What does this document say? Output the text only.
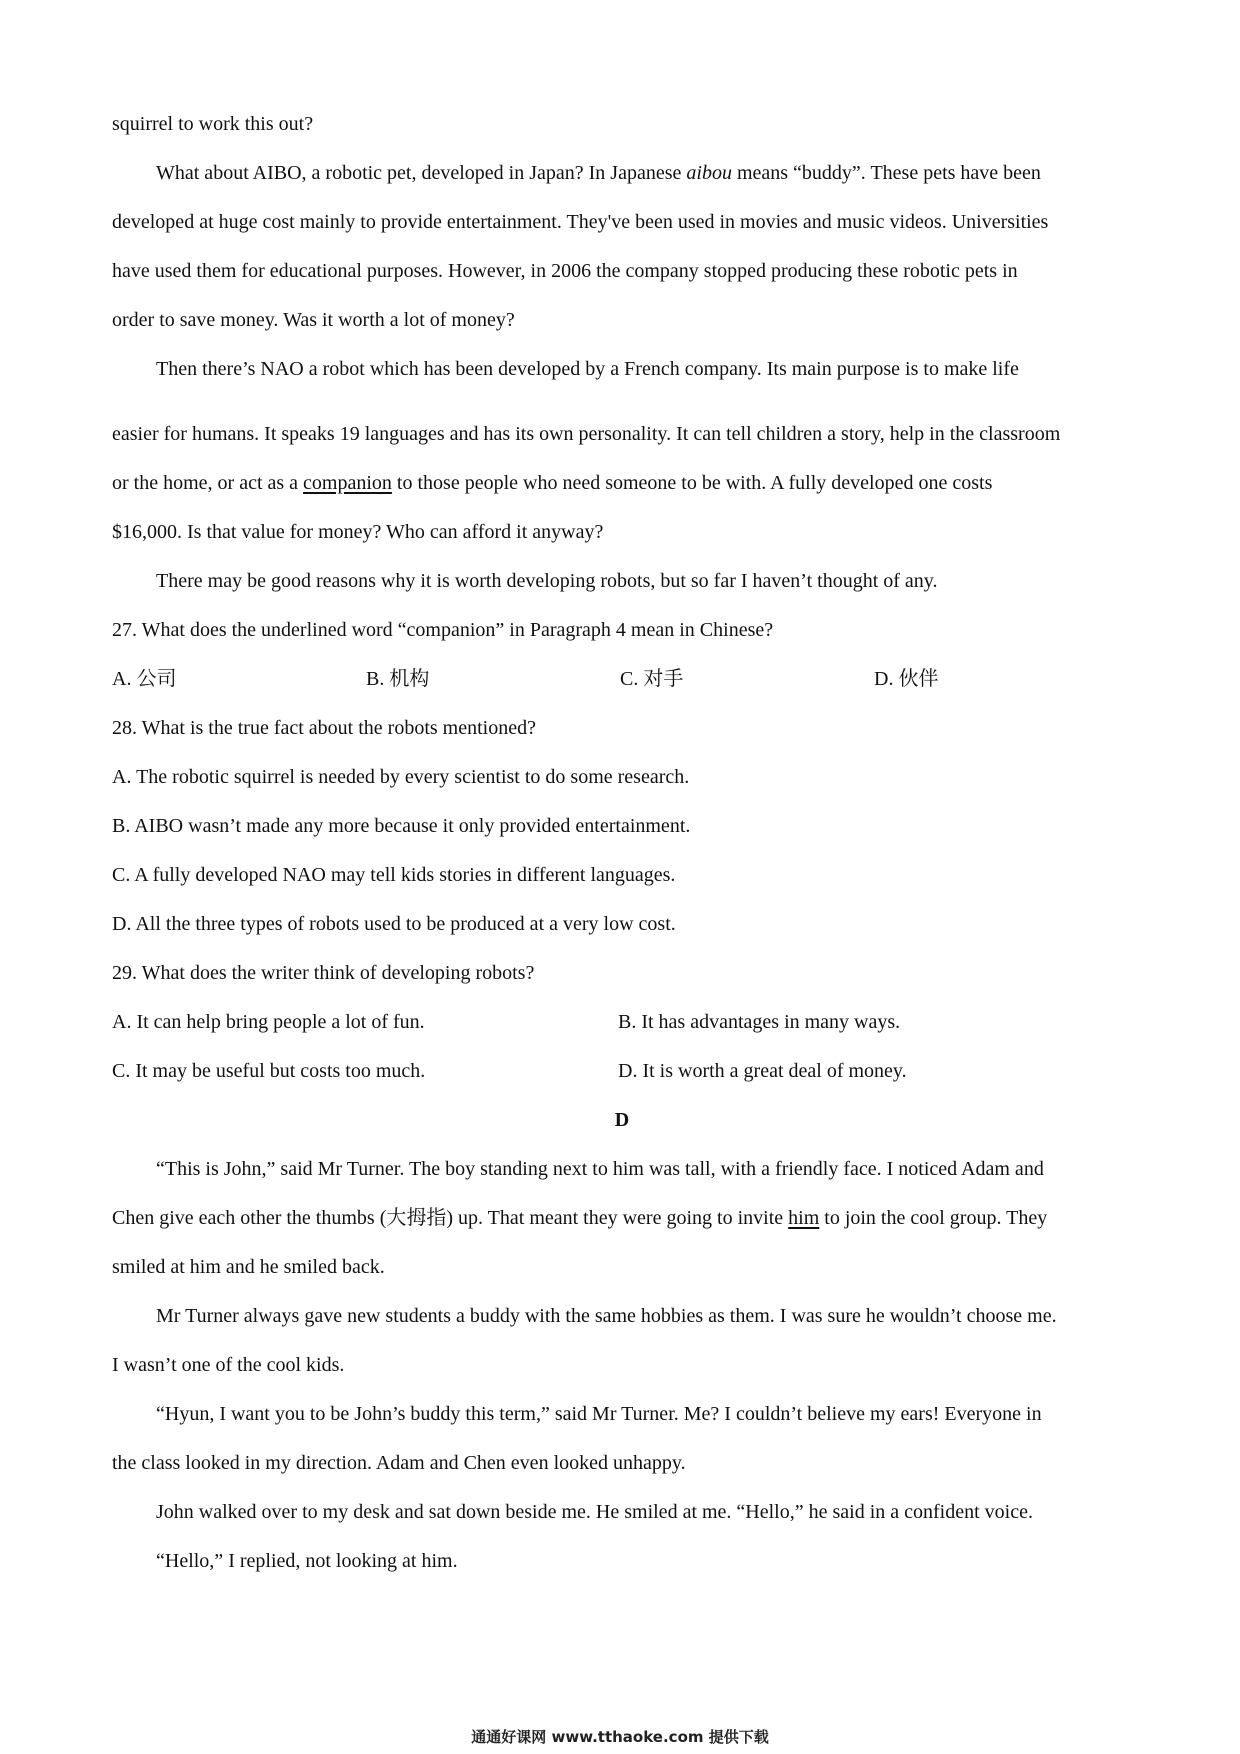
squirrel to work this out?
What about AIBO, a robotic pet, developed in Japan? In Japanese aibou means “buddy”. These pets have been
developed at huge cost mainly to provide entertainment. They've been used in movies and music videos. Universities
have used them for educational purposes. However, in 2006 the company stopped producing these robotic pets in
order to save money. Was it worth a lot of money?
Then there’s NAO a robot which has been developed by a French company. Its main purpose is to make life
easier for humans. It speaks 19 languages and has its own personality. It can tell children a story, help in the classroom
or the home, or act as a companion to those people who need someone to be with. A fully developed one costs
$16,000. Is that value for money? Who can afford it anyway?
There may be good reasons why it is worth developing robots, but so far I haven’t thought of any.
27. What does the underlined word “companion” in Paragraph 4 mean in Chinese?
A. 公司	B. 机构	C. 对手	D. 伙伴
28. What is the true fact about the robots mentioned?
A. The robotic squirrel is needed by every scientist to do some research.
B. AIBO wasn’t made any more because it only provided entertainment.
C. A fully developed NAO may tell kids stories in different languages.
D. All the three types of robots used to be produced at a very low cost.
29. What does the writer think of developing robots?
A. It can help bring people a lot of fun.	B. It has advantages in many ways.
C. It may be useful but costs too much.	D. It is worth a great deal of money.
D
“This is John,” said Mr Turner. The boy standing next to him was tall, with a friendly face. I noticed Adam and
Chen give each other the thumbs (大拇指) up. That meant they were going to invite him to join the cool group. They
smiled at him and he smiled back.
Mr Turner always gave new students a buddy with the same hobbies as them. I was sure he wouldn’t choose me.
I wasn’t one of the cool kids.
“Hyun, I want you to be John’s buddy this term,” said Mr Turner. Me? I couldn’t believe my ears! Everyone in
the class looked in my direction. Adam and Chen even looked unhappy.
John walked over to my desk and sat down beside me. He smiled at me. “Hello,” he said in a confident voice.
“Hello,” I replied, not looking at him.
通通好课网 www.tthaoke.com 提供下载
